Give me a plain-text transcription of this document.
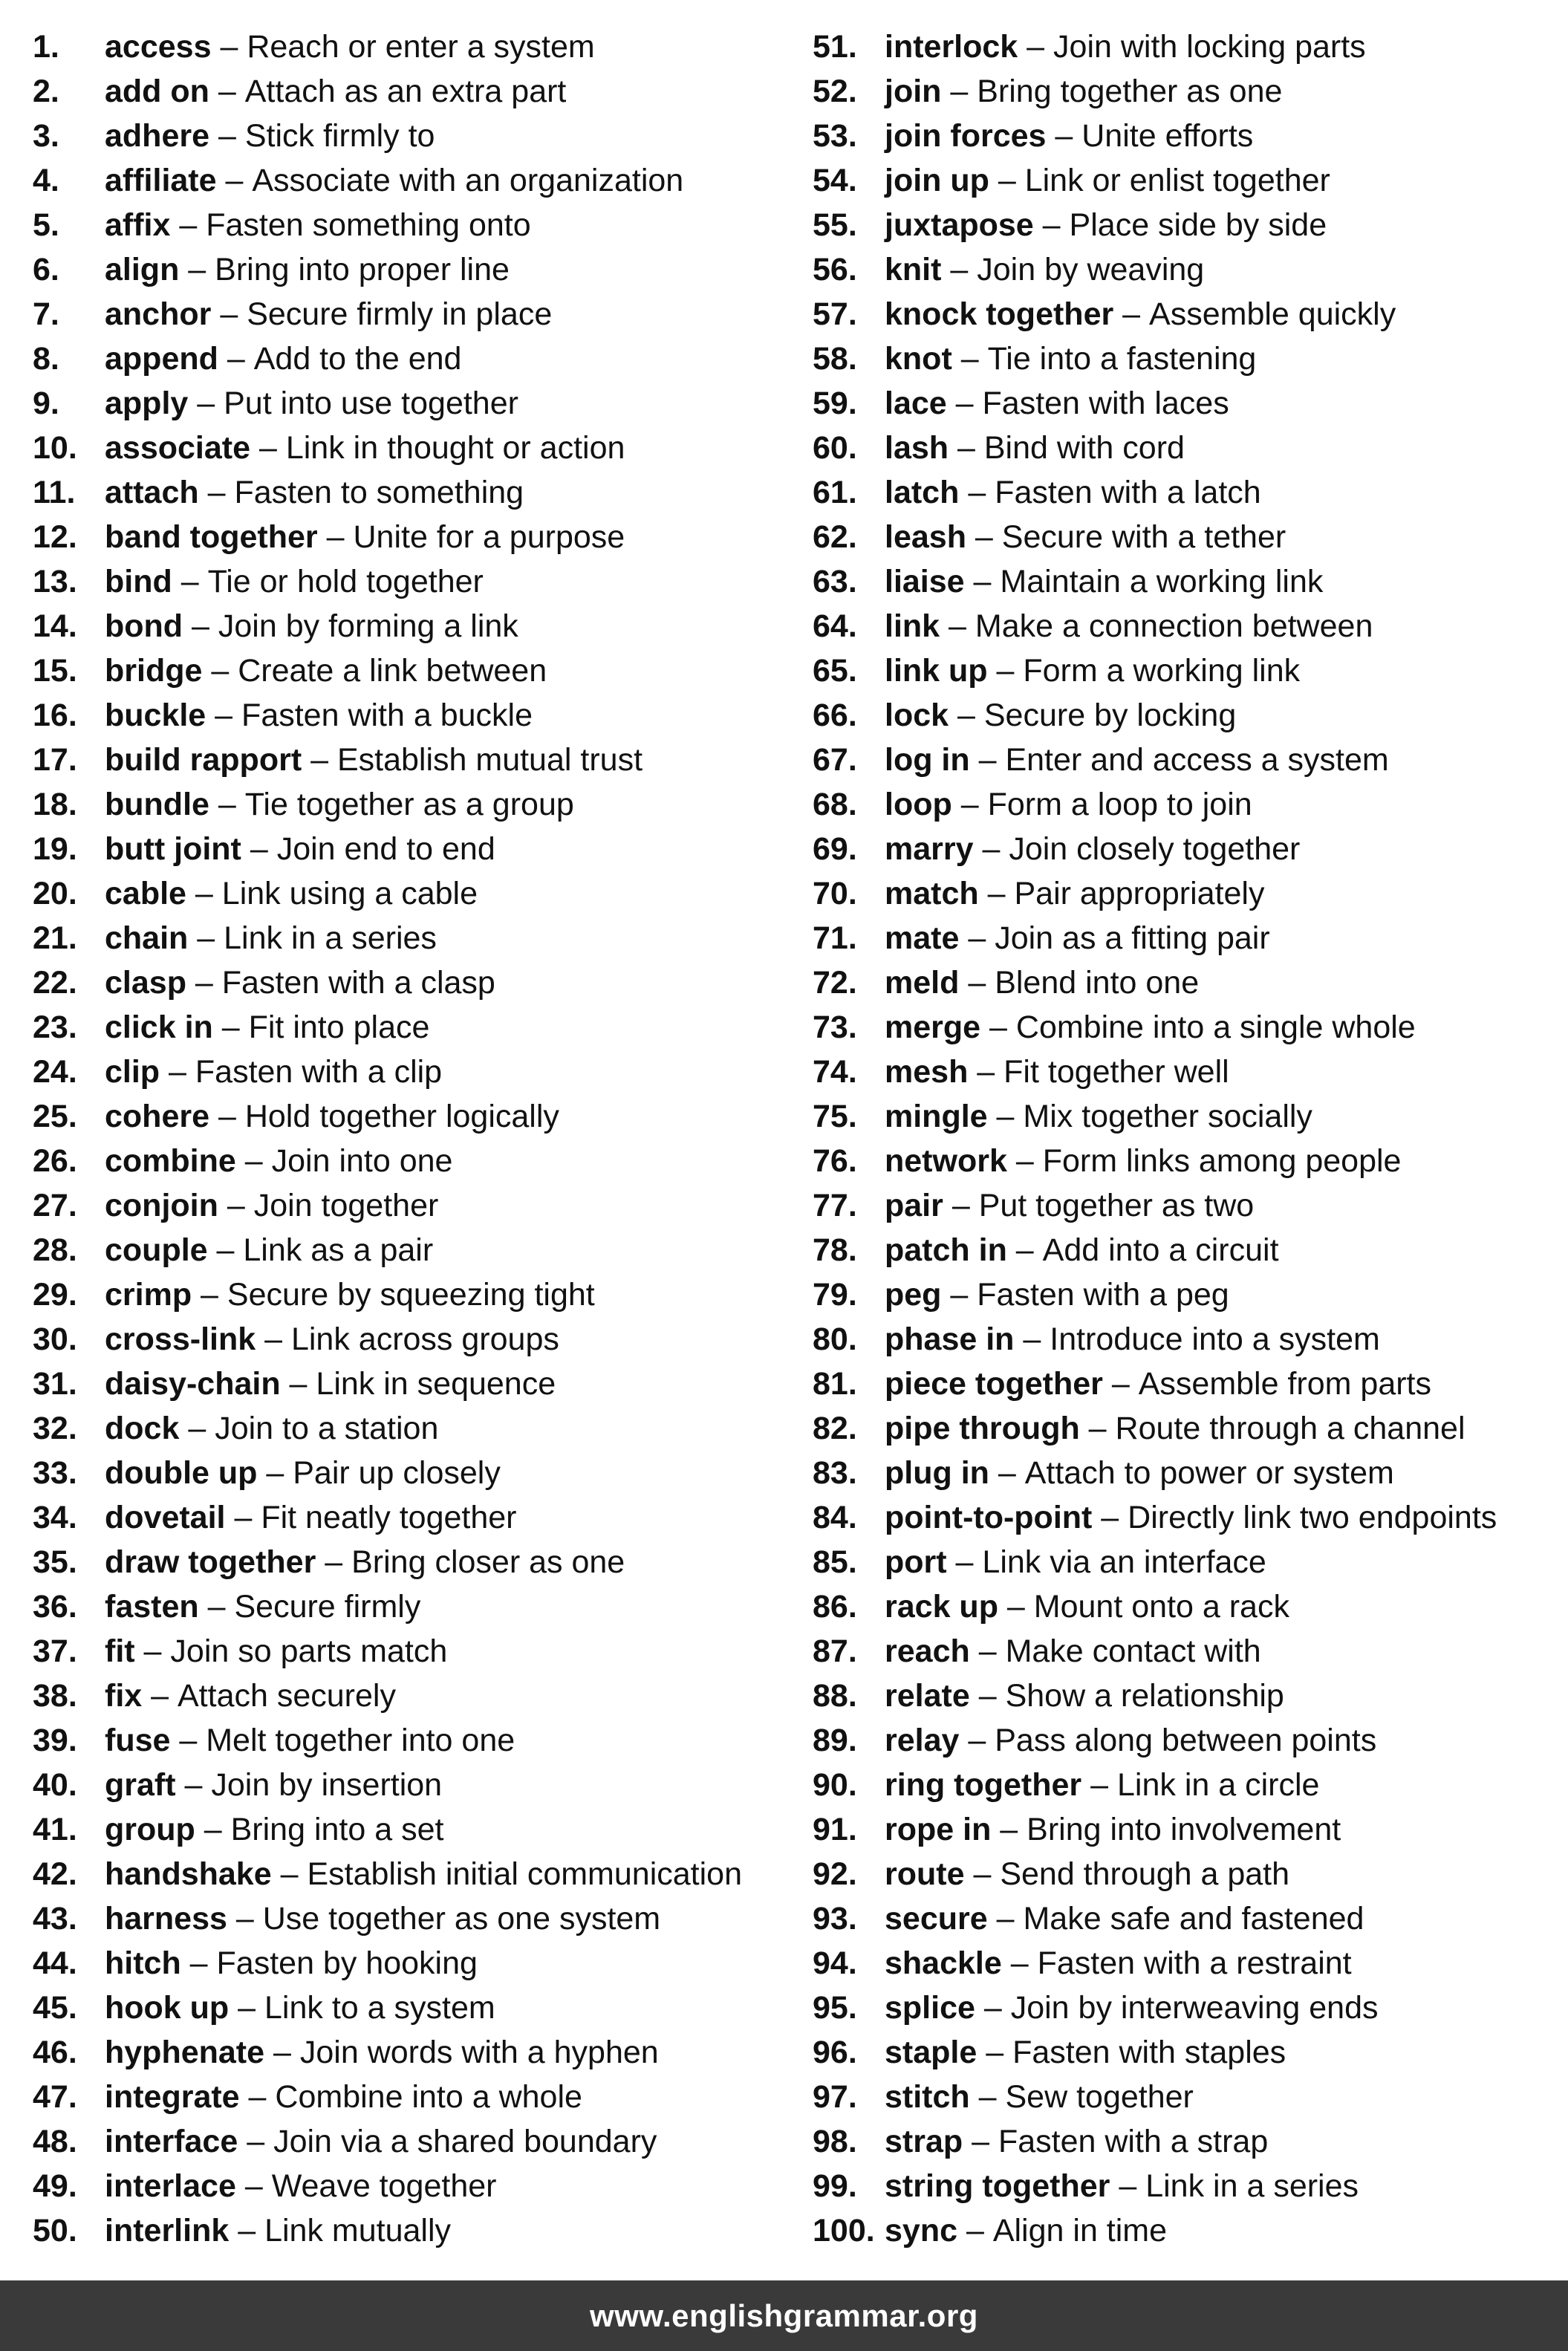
1.	access – Reach or enter a system
2.	add on – Attach as an extra part
3.	adhere – Stick firmly to
4.	affiliate – Associate with an organization
5.	affix – Fasten something onto
6.	align – Bring into proper line
7.	anchor – Secure firmly in place
8.	append – Add to the end
9.	apply – Put into use together
10. associate – Link in thought or action
11. attach – Fasten to something
12. band together – Unite for a purpose
13. bind – Tie or hold together
14. bond – Join by forming a link
15. bridge – Create a link between
16. buckle – Fasten with a buckle
17. build rapport – Establish mutual trust
18. bundle – Tie together as a group
19. butt joint – Join end to end
20. cable – Link using a cable
21. chain – Link in a series
22. clasp – Fasten with a clasp
23. click in – Fit into place
24. clip – Fasten with a clip
25. cohere – Hold together logically
26. combine – Join into one
27. conjoin – Join together
28. couple – Link as a pair
29. crimp – Secure by squeezing tight
30. cross-link – Link across groups
31. daisy-chain – Link in sequence
32. dock – Join to a station
33. double up – Pair up closely
34. dovetail – Fit neatly together
35. draw together – Bring closer as one
36. fasten – Secure firmly
37. fit – Join so parts match
38. fix – Attach securely
39. fuse – Melt together into one
40. graft – Join by insertion
41. group – Bring into a set
42. handshake – Establish initial communication
43. harness – Use together as one system
44. hitch – Fasten by hooking
45. hook up – Link to a system
46. hyphenate – Join words with a hyphen
47. integrate – Combine into a whole
48. interface – Join via a shared boundary
49. interlace – Weave together
50. interlink – Link mutually
51. interlock – Join with locking parts
52. join – Bring together as one
53. join forces – Unite efforts
54. join up – Link or enlist together
55. juxtapose – Place side by side
56. knit – Join by weaving
57. knock together – Assemble quickly
58. knot – Tie into a fastening
59. lace – Fasten with laces
60. lash – Bind with cord
61. latch – Fasten with a latch
62. leash – Secure with a tether
63. liaise – Maintain a working link
64. link – Make a connection between
65. link up – Form a working link
66. lock – Secure by locking
67. log in – Enter and access a system
68. loop – Form a loop to join
69. marry – Join closely together
70. match – Pair appropriately
71. mate – Join as a fitting pair
72. meld – Blend into one
73. merge – Combine into a single whole
74. mesh – Fit together well
75. mingle – Mix together socially
76. network – Form links among people
77. pair – Put together as two
78. patch in – Add into a circuit
79. peg – Fasten with a peg
80. phase in – Introduce into a system
81. piece together – Assemble from parts
82. pipe through – Route through a channel
83. plug in – Attach to power or system
84. point-to-point – Directly link two endpoints
85. port – Link via an interface
86. rack up – Mount onto a rack
87. reach – Make contact with
88. relate – Show a relationship
89. relay – Pass along between points
90. ring together – Link in a circle
91. rope in – Bring into involvement
92. route – Send through a path
93. secure – Make safe and fastened
94. shackle – Fasten with a restraint
95. splice – Join by interweaving ends
96. staple – Fasten with staples
97. stitch – Sew together
98. strap – Fasten with a strap
99. string together – Link in a series
100. sync – Align in time
www.englishgrammar.org
